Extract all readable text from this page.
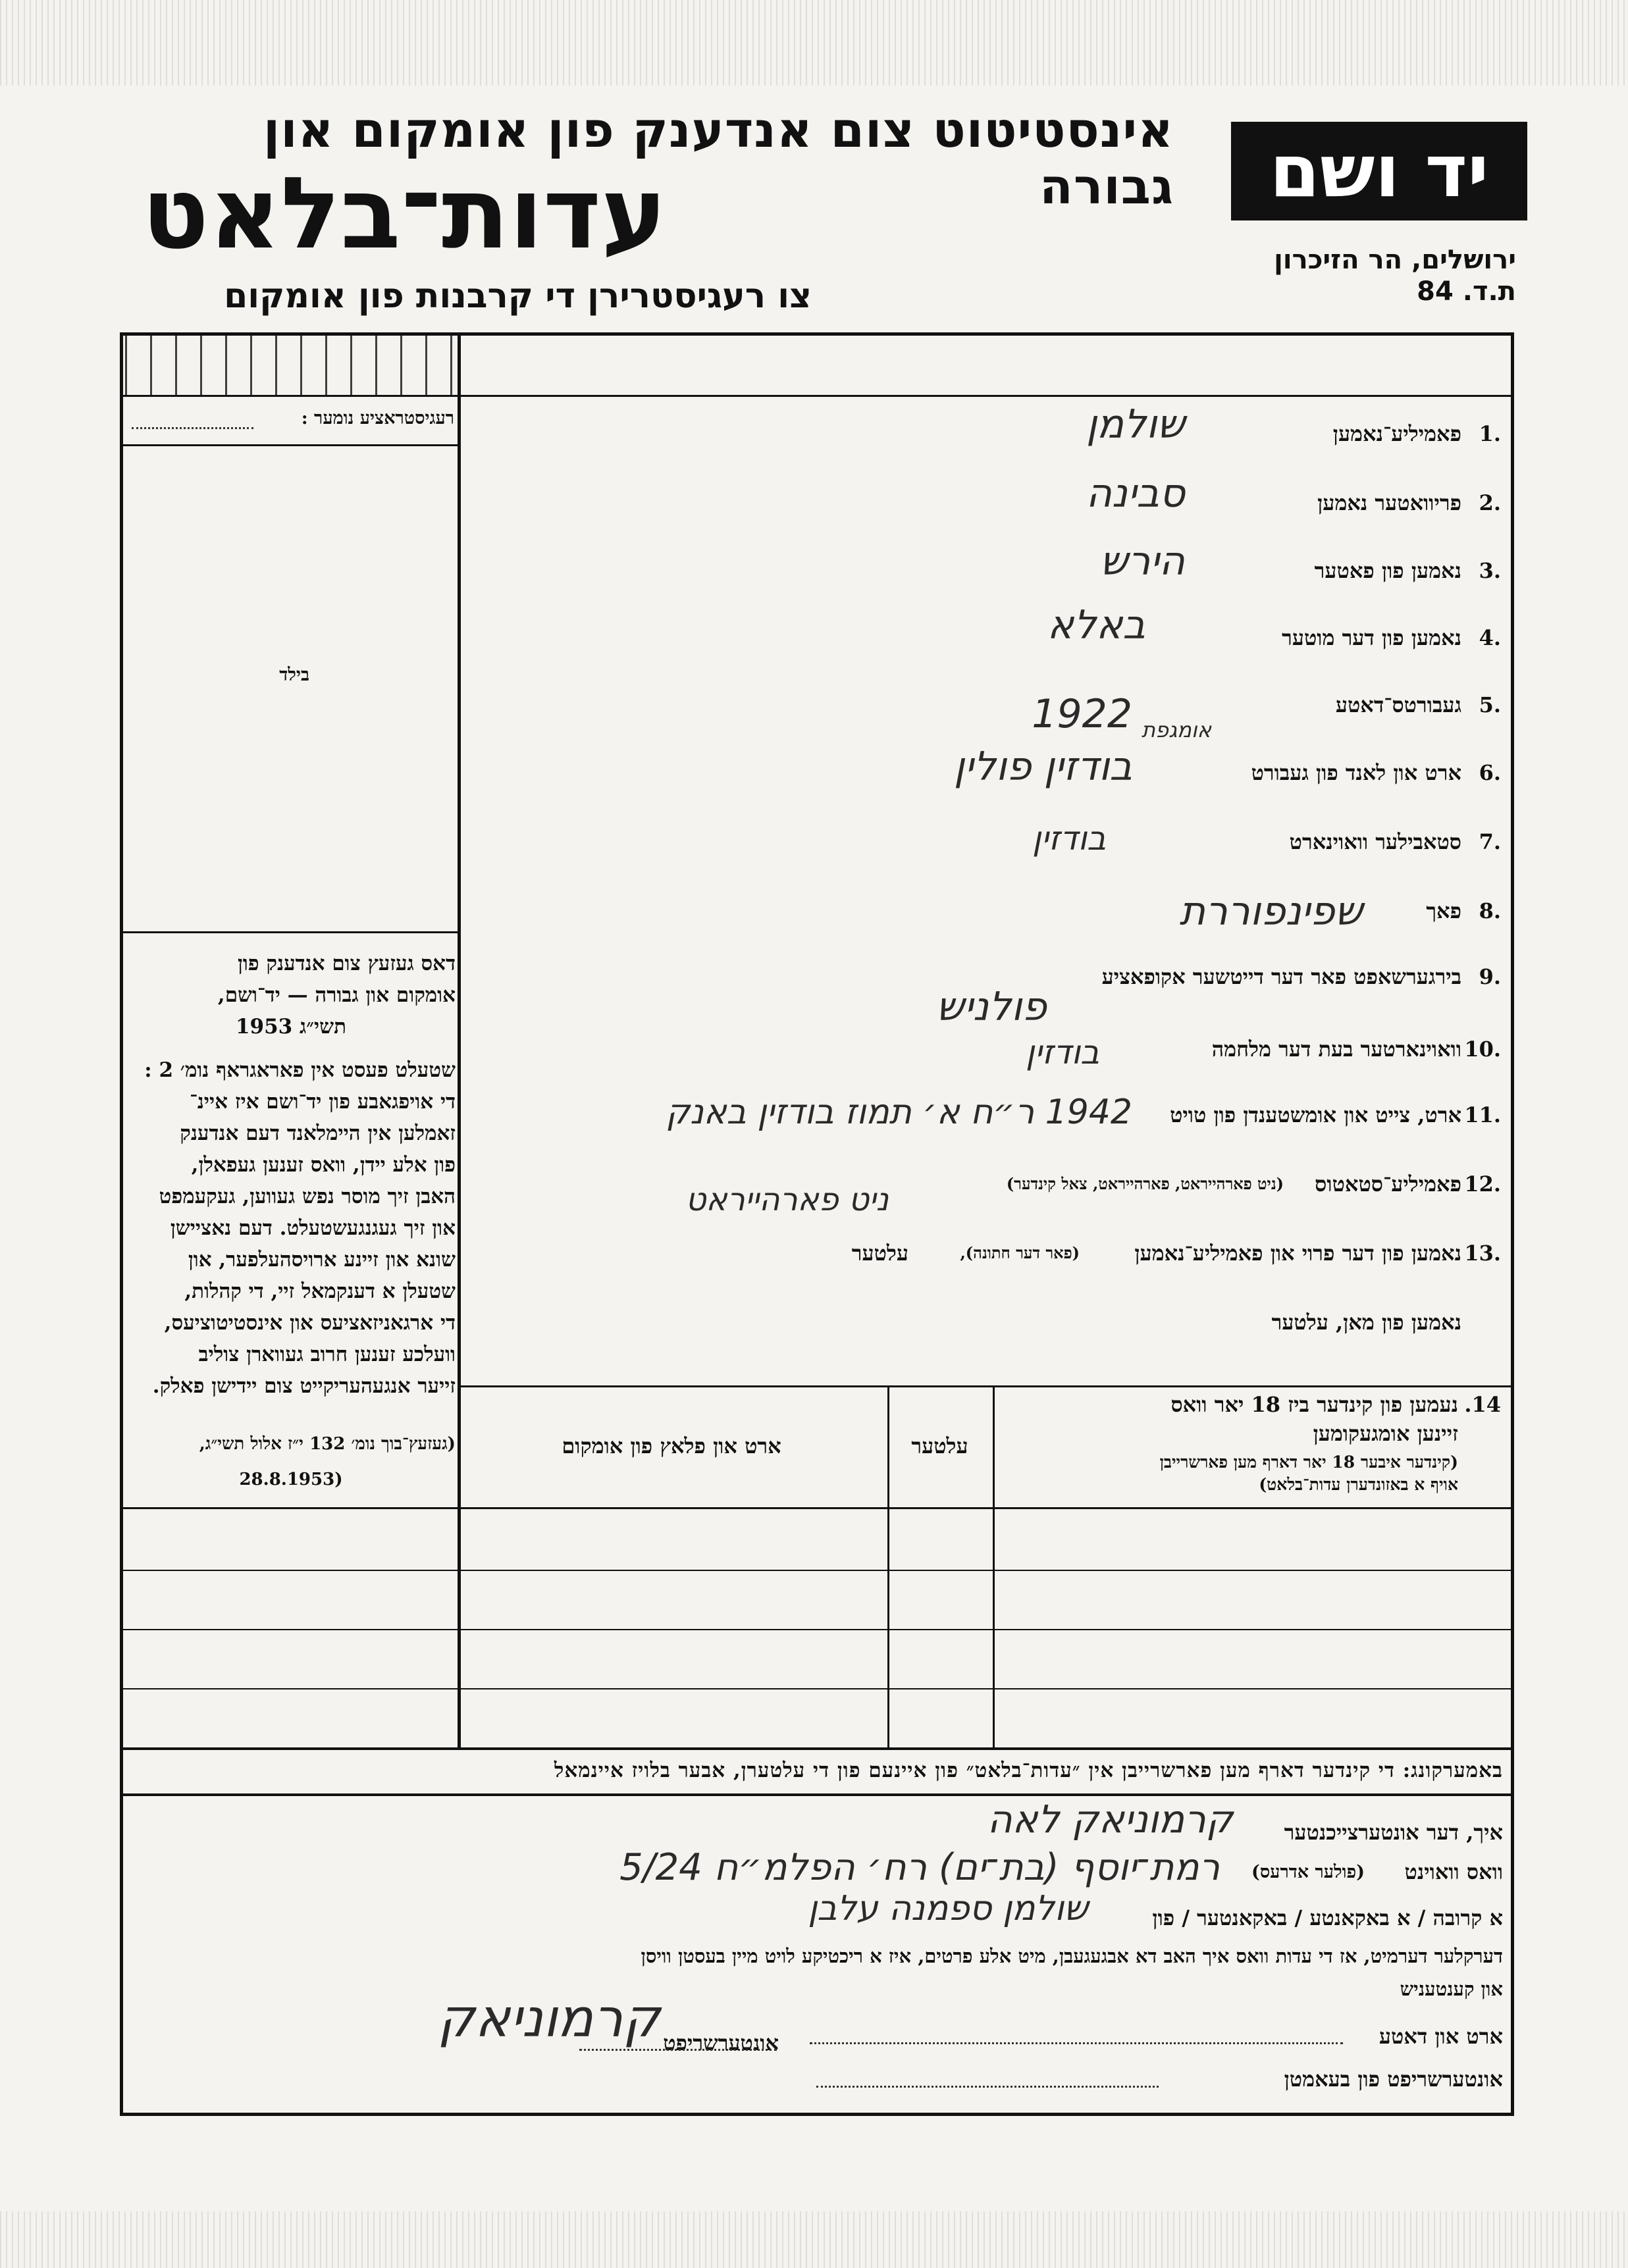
אינסטיטוט צום אנדענק פון אומקום און גבורה
עדות־בלאט
צו רעגיסטרירן די קרבנות פון אומקום
יד ושם
ירושלים, הר הזיכרון
ת.ד. 84
רעגיסטראציע נומער :
בילד
דאס געזעץ צום אנדענק פון
אומקום און גבורה — יד־ושם,
תשי״ג 1953
שטעלט פעסט אין פאראגראף נומ׳ 2 :
די אויפגאבע פון יד־ושם איז איינ־
זאמלען אין היימלאנד דעם אנדענק
פון אלע יידן, וואס זענען געפאלן,
האבן זיך מוסר נפש געווען, געקעמפט
און זיך געגנגעשטעלט. דעם נאציישן
שונא און זיינע ארויסהעלפער, און
שטעלן א דענקמאל זיי, די קהלות,
די ארגאניזאציעס און אינסטיטוציעס,
וועלכע זענען חרוב געווארן צוליב
זייער אנגעהעריקייט צום יידישן פאלק.
(געזעץ־בוך נומ׳ 132 י״ז אלול תשי״ג,
(28.8.1953
1.
פאמיליע־נאמען
שולמן
2.
פריוואטער נאמען
סבינה
3.
נאמען פון פאטער
הירש
4.
נאמען פון דער מוטער
באלא
5.
געבורטס־דאטע
1922 אומגפת
6.
ארט און לאנד פון געבורט
בודזין פולין
7.
סטאבילער וואוינארט
בודזין
8.
פאך
שפינפוררת
9.
בירגערשאפט פאר דער דייטשער אקופאציע
פולניש
10.
וואוינארטער בעת דער מלחמה
בודזין
11.
ארט, צייט און אומשטענדן פון טויט
1942 ר״ח א׳ תמוז בודזין באנק
12.
פאמיליע־סטאטוס
(ניט פארהייראט, פארהייראט, צאל קינדער)
ניט פארהייראט
13.
נאמען פון דער פרוי און פאמיליע־נאמען
(פאר דער חתונה),
עלטער
נאמען פון מאן, עלטער
14.
נעמען פון קינדער ביז 18 יאר וואס
זיינען אומגעקומען
(קינדער איבער 18 יאר דארף מען פארשרייבן
אויף א באזונדערן עדות־בלאט)
עלטער
ארט און פלאץ פון אומקום
באמערקונג: די קינדער דארף מען פארשרייבן אין ״עדות־בלאט״ פון איינעם פון די עלטערן, אבער בלויז איינמאל
איך, דער אונטערצייכנטער
קרמוניאק לאה
וואס וואוינט
(פולער אדרעס)
רמת־יוסף (בת־ים) רח׳ הפלמ״ח 5/24
א קרובה / א באקאנטע / באקאנטער / פון
שולמן ספמנה עלבן
דערקלער דערמיט, אז די עדות וואס איך האב דא אבגעגעבן, מיט אלע פרטים, איז א ריכטיקע לויט מיין בעסטן וויסן
און קענטעניש
ארט און דאטע
אונטערשריפט
קרמוניאק
אונטערשריפט פון בעאמטן
